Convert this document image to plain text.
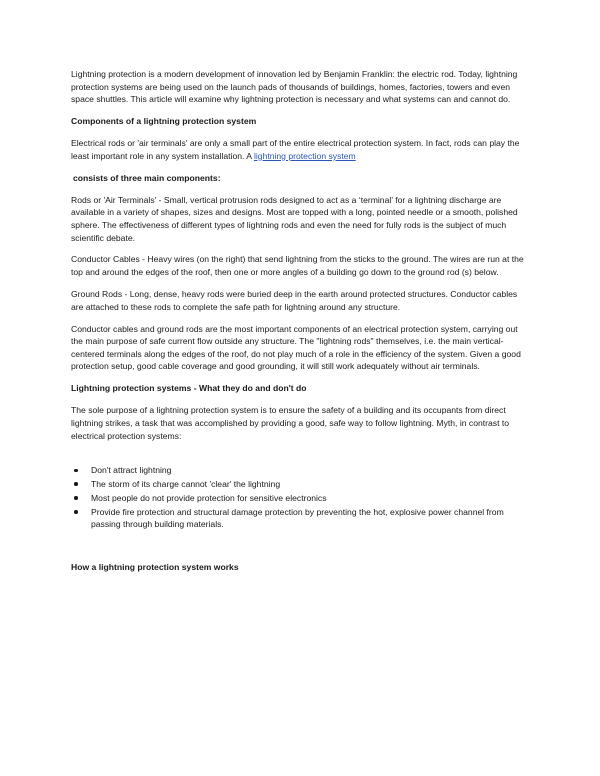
Lightning protection is a modern development of innovation led by Benjamin Franklin: the electric rod. Today, lightning protection systems are being used on the launch pads of thousands of buildings, homes, factories, towers and even space shuttles. This article will examine why lightning protection is necessary and what systems can and cannot do.

Components of a lightning protection system

Electrical rods or 'air terminals' are only a small part of the entire electrical protection system. In fact, rods can play the least important role in any system installation. A lightning protection system

consists of three main components:

Rods or 'Air Terminals' - Small, vertical protrusion rods designed to act as a ‘terminal’ for a lightning discharge are available in a variety of shapes, sizes and designs. Most are topped with a long, pointed needle or a smooth, polished sphere. The effectiveness of different types of lightning rods and even the need for fully rods is the subject of much scientific debate.

Conductor Cables - Heavy wires (on the right) that send lightning from the sticks to the ground. The wires are run at the top and around the edges of the roof, then one or more angles of a building go down to the ground rod (s) below.

Ground Rods - Long, dense, heavy rods were buried deep in the earth around protected structures. Conductor cables are attached to these rods to complete the safe path for lightning around any structure.

Conductor cables and ground rods are the most important components of an electrical protection system, carrying out the main purpose of safe current flow outside any structure. The "lightning rods" themselves, i.e. the main vertical-centered terminals along the edges of the roof, do not play much of a role in the efficiency of the system. Given a good protection setup, good cable coverage and good grounding, it will still work adequately without air terminals.

Lightning protection systems - What they do and don't do

The sole purpose of a lightning protection system is to ensure the safety of a building and its occupants from direct lightning strikes, a task that was accomplished by providing a good, safe way to follow lightning. Myth, in contrast to electrical protection systems:

Don't attract lightning
The storm of its charge cannot 'clear' the lightning
Most people do not provide protection for sensitive electronics
Provide fire protection and structural damage protection by preventing the hot, explosive power channel from passing through building materials.

How a lightning protection system works
